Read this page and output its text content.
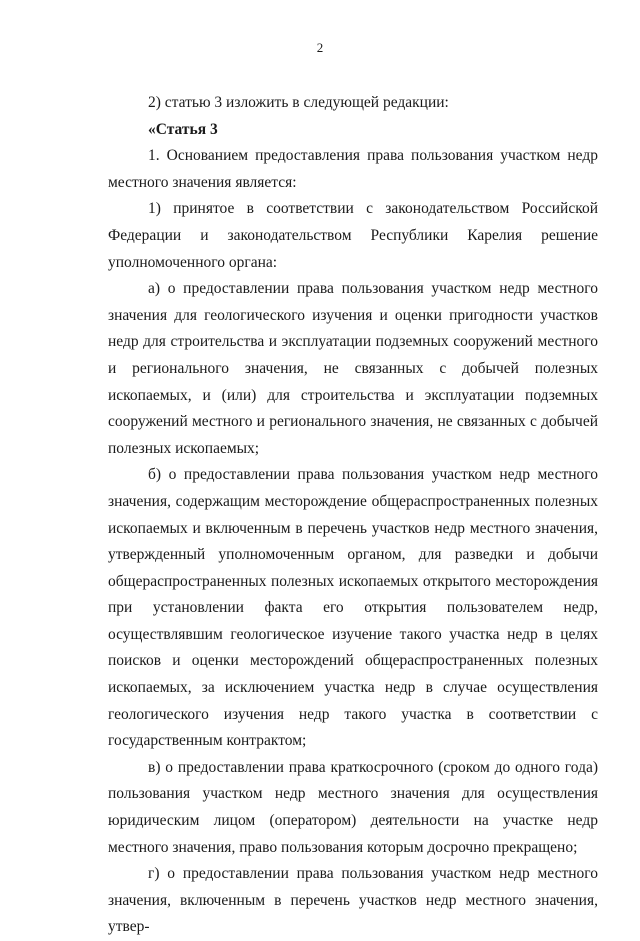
2

2) статью 3 изложить в следующей редакции:

«Статья 3

1. Основанием предоставления права пользования участком недр местного значения является:

1) принятое в соответствии с законодательством Российской Федерации и законодательством Республики Карелия решение уполномоченного органа:

а) о предоставлении права пользования участком недр местного значения для геологического изучения и оценки пригодности участков недр для строительства и эксплуатации подземных сооружений местного и регионального значения, не связанных с добычей полезных ископаемых, и (или) для строительства и эксплуатации подземных сооружений местного и регионального значения, не связанных с добычей полезных ископаемых;

б) о предоставлении права пользования участком недр местного значения, содержащим месторождение общераспространенных полезных ископаемых и включенным в перечень участков недр местного значения, утвержденный уполномоченным органом, для разведки и добычи общераспространенных полезных ископаемых открытого месторождения при установлении факта его открытия пользователем недр, осуществлявшим геологическое изучение такого участка недр в целях поисков и оценки месторождений общераспространенных полезных ископаемых, за исключением участка недр в случае осуществления геологического изучения недр такого участка в соответствии с государственным контрактом;

в) о предоставлении права краткосрочного (сроком до одного года) пользования участком недр местного значения для осуществления юридическим лицом (оператором) деятельности на участке недр местного значения, право пользования которым досрочно прекращено;

г) о предоставлении права пользования участком недр местного значения, включенным в перечень участков недр местного значения, утвер-
